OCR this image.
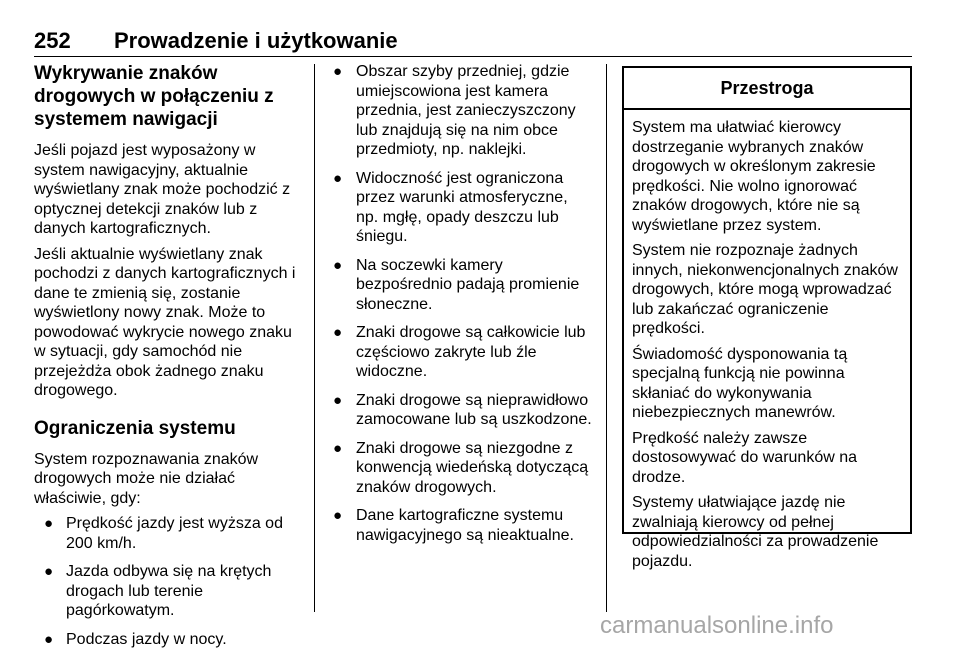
252 Prowadzenie i użytkowanie
Wykrywanie znaków drogowych w połączeniu z systemem nawigacji

Jeśli pojazd jest wyposażony w system nawigacyjny, aktualnie wyświetlany znak może pochodzić z optycznej detekcji znaków lub z danych kartograficznych.

Jeśli aktualnie wyświetlany znak pochodzi z danych kartograficznych i dane te zmienią się, zostanie wyświetlony nowy znak. Może to powodować wykrycie nowego znaku w sytuacji, gdy samochód nie przejeżdża obok żadnego znaku drogowego.

Ograniczenia systemu

System rozpoznawania znaków drogowych może nie działać właściwie, gdy:

● Prędkość jazdy jest wyższa od 200 km/h.
● Jazda odbywa się na krętych drogach lub terenie pagórkowatym.
● Podczas jazdy w nocy.
● Obszar szyby przedniej, gdzie umiejscowiona jest kamera przednia, jest zanieczyszczony lub znajdują się na nim obce przedmioty, np. naklejki.
● Widoczność jest ograniczona przez warunki atmosferyczne, np. mgłę, opady deszczu lub śniegu.
● Na soczewki kamery bezpośrednio padają promienie słoneczne.
● Znaki drogowe są całkowicie lub częściowo zakryte lub źle widoczne.
● Znaki drogowe są nieprawidłowo zamocowane lub są uszkodzone.
● Znaki drogowe są niezgodne z konwencją wiedeńską dotyczącą znaków drogowych.
● Dane kartograficzne systemu nawigacyjnego są nieaktualne.
Przestroga

System ma ułatwiać kierowcy dostrzeganie wybranych znaków drogowych w określonym zakresie prędkości. Nie wolno ignorować znaków drogowych, które nie są wyświetlane przez system.

System nie rozpoznaje żadnych innych, niekonwencjonalnych znaków drogowych, które mogą wprowadzać lub zakańczać ograniczenie prędkości.

Świadomość dysponowania tą specjalną funkcją nie powinna skłaniać do wykonywania niebezpiecznych manewrów.

Prędkość należy zawsze dostosowywać do warunków na drodze.

Systemy ułatwiające jazdę nie zwalniają kierowcy od pełnej odpowiedzialności za prowadzenie pojazdu.

carmanualsonline.info
